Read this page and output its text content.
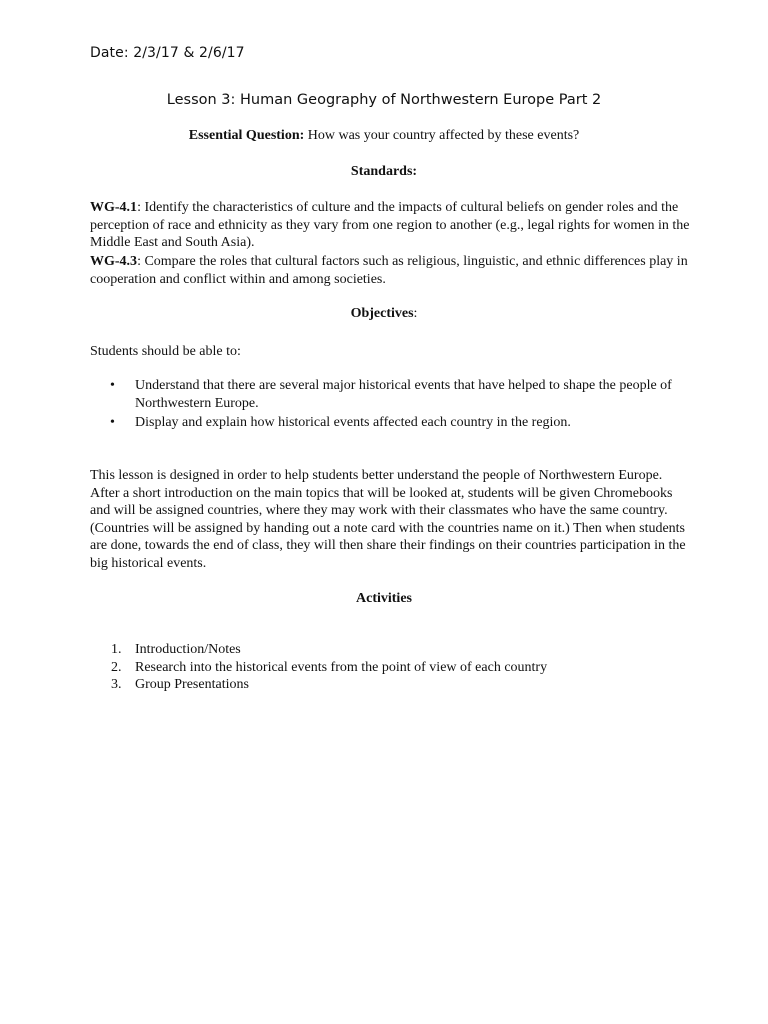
Date: 2/3/17 & 2/6/17
Lesson 3: Human Geography of Northwestern Europe Part 2
Essential Question: How was your country affected by these events?
Standards:
WG-4.1: Identify the characteristics of culture and the impacts of cultural beliefs on gender roles and the perception of race and ethnicity as they vary from one region to another (e.g., legal rights for women in the Middle East and South Asia).
WG-4.3: Compare the roles that cultural factors such as religious, linguistic, and ethnic differences play in cooperation and conflict within and among societies.
Objectives:
Students should be able to:
• Understand that there are several major historical events that have helped to shape the people of Northwestern Europe.
• Display and explain how historical events affected each country in the region.
This lesson is designed in order to help students better understand the people of Northwestern Europe. After a short introduction on the main topics that will be looked at, students will be given Chromebooks and will be assigned countries, where they may work with their classmates who have the same country. (Countries will be assigned by handing out a note card with the countries name on it.) Then when students are done, towards the end of class, they will then share their findings on their countries participation in the big historical events.
Activities
1. Introduction/Notes
2. Research into the historical events from the point of view of each country
3. Group Presentations
